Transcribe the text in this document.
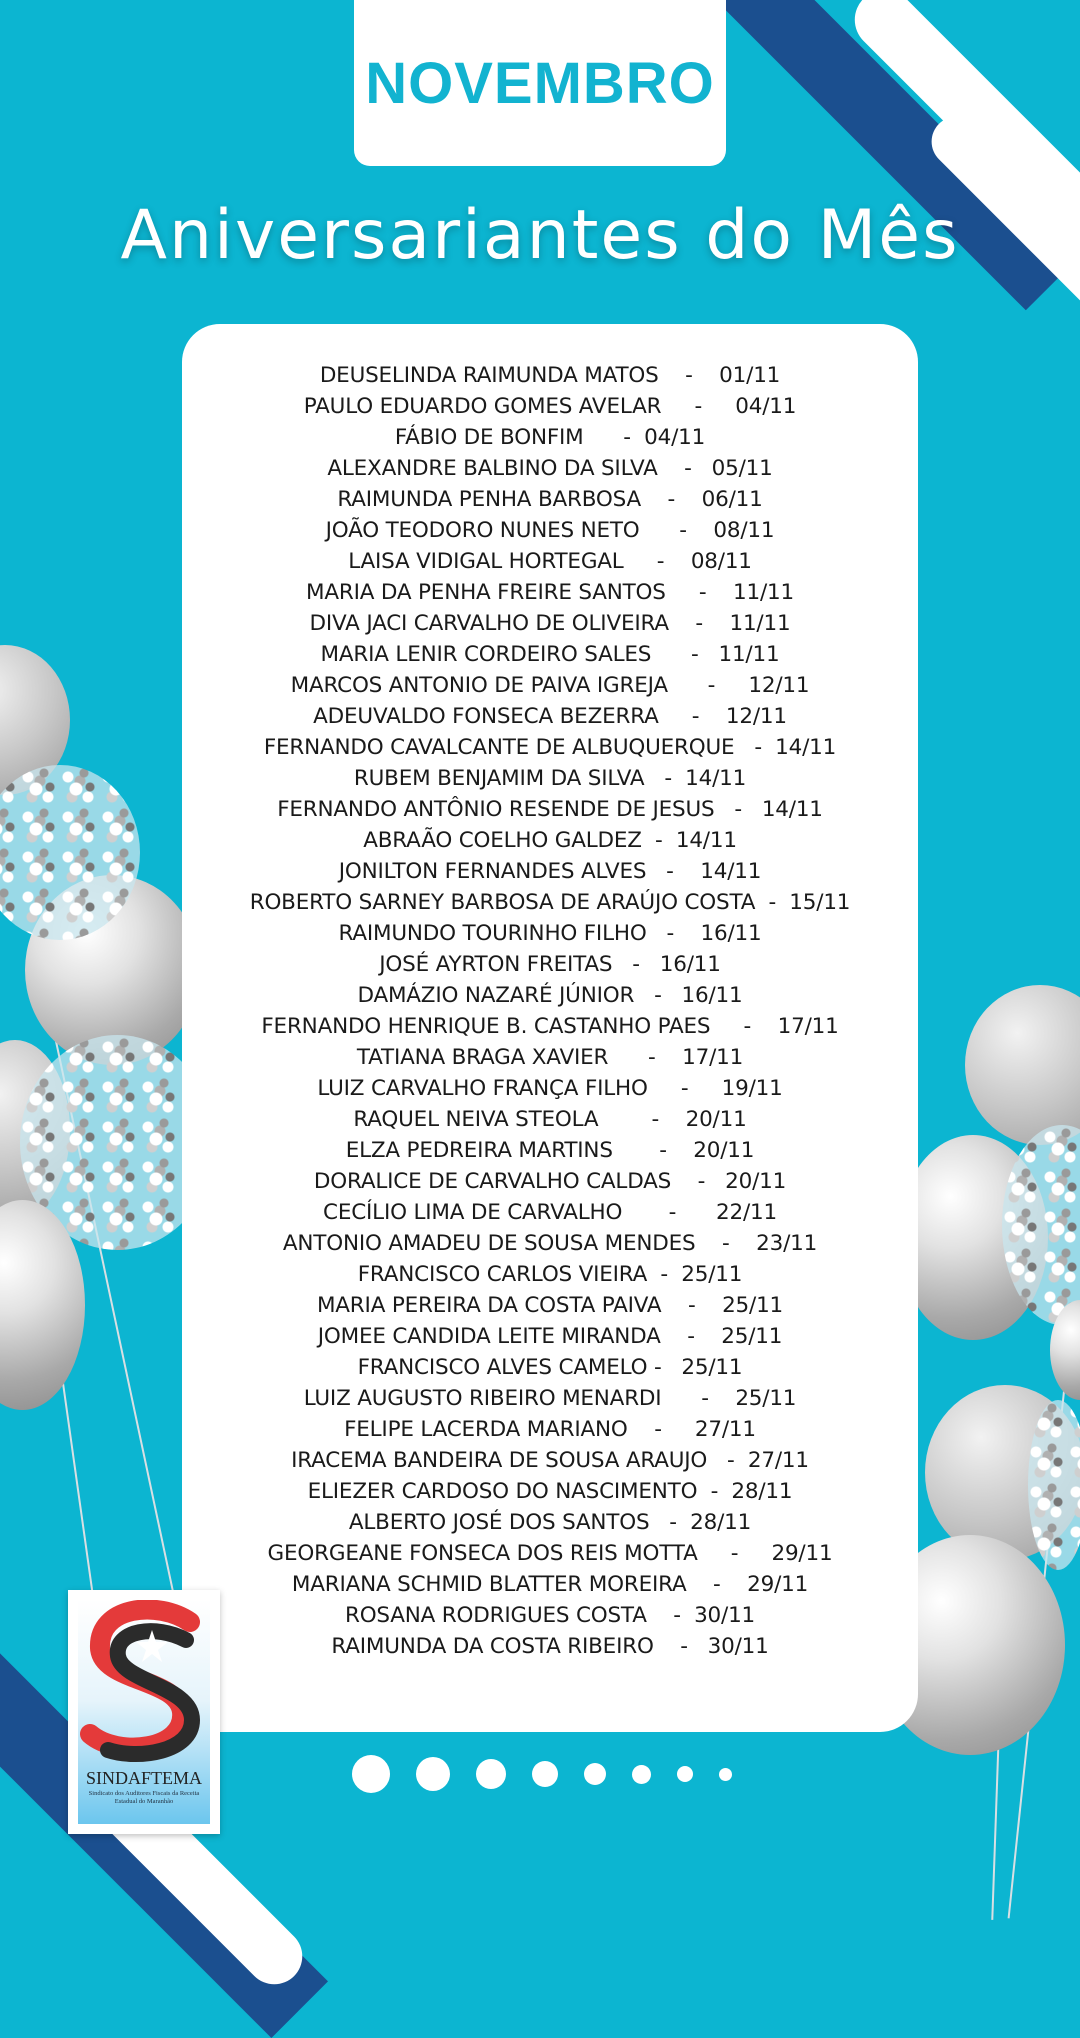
NOVEMBRO
Aniversariantes do Mês
DEUSELINDA RAIMUNDA MATOS    -    01/11
PAULO EDUARDO GOMES AVELAR     -     04/11
FÁBIO DE BONFIM      -  04/11
ALEXANDRE BALBINO DA SILVA    -   05/11
RAIMUNDA PENHA BARBOSA    -    06/11
JOÃO TEODORO NUNES NETO      -    08/11
LAISA VIDIGAL HORTEGAL     -    08/11
MARIA DA PENHA FREIRE SANTOS     -    11/11
DIVA JACI CARVALHO DE OLIVEIRA    -    11/11
MARIA LENIR CORDEIRO SALES      -   11/11
MARCOS ANTONIO DE PAIVA IGREJA      -     12/11
ADEUVALDO FONSECA BEZERRA     -    12/11
FERNANDO CAVALCANTE DE ALBUQUERQUE   -  14/11
RUBEM BENJAMIM DA SILVA   -  14/11
FERNANDO ANTÔNIO RESENDE DE JESUS   -   14/11
ABRAÃO COELHO GALDEZ  -  14/11
JONILTON FERNANDES ALVES   -    14/11
ROBERTO SARNEY BARBOSA DE ARAÚJO COSTA  -  15/11
RAIMUNDO TOURINHO FILHO   -    16/11
JOSÉ AYRTON FREITAS   -   16/11
DAMÁZIO NAZARÉ JÚNIOR   -   16/11
FERNANDO HENRIQUE B. CASTANHO PAES     -    17/11
TATIANA BRAGA XAVIER      -    17/11
LUIZ CARVALHO FRANÇA FILHO     -     19/11
RAQUEL NEIVA STEOLA        -    20/11
ELZA PEDREIRA MARTINS       -    20/11
DORALICE DE CARVALHO CALDAS    -   20/11
CECÍLIO LIMA DE CARVALHO       -      22/11
ANTONIO AMADEU DE SOUSA MENDES    -    23/11
FRANCISCO CARLOS VIEIRA  -  25/11
MARIA PEREIRA DA COSTA PAIVA    -    25/11
JOMEE CANDIDA LEITE MIRANDA    -    25/11
FRANCISCO ALVES CAMELO -   25/11
LUIZ AUGUSTO RIBEIRO MENARDI      -    25/11
FELIPE LACERDA MARIANO    -     27/11
IRACEMA BANDEIRA DE SOUSA ARAUJO   -  27/11
ELIEZER CARDOSO DO NASCIMENTO  -  28/11
ALBERTO JOSÉ DOS SANTOS   -  28/11
GEORGEANE FONSECA DOS REIS MOTTA     -     29/11
MARIANA SCHMID BLATTER MOREIRA    -    29/11
ROSANA RODRIGUES COSTA    -  30/11
RAIMUNDA DA COSTA RIBEIRO    -   30/11
SINDAFTEMA
Sindicato dos Auditores Fiscais da Receita Estadual do Maranhão
